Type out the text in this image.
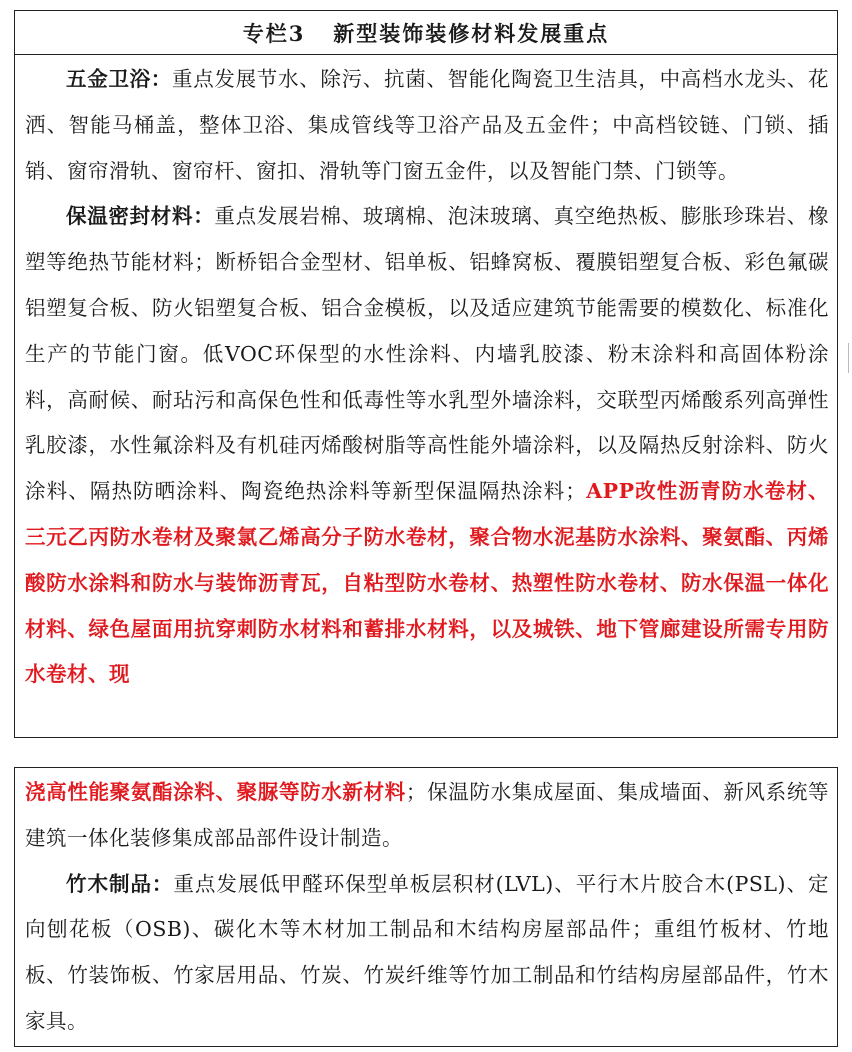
专栏3
新型装饰装修材料发展重点

五金卫浴：重点发展节水、除污、抗菌、智能化陶瓷卫生洁具，中高档水龙头、花洒、智能马桶盖，整体卫浴、集成管线等卫浴产品及五金件；中高档铰链、门锁、插销、窗帘滑轨、窗帘杆、窗扣、滑轨等门窗五金件，以及智能门禁、门锁等。

保温密封材料：重点发展岩棉、玻璃棉、泡沫玻璃、真空绝热板、膨胀珍珠岩、橡塑等绝热节能材料；断桥铝合金型材、铝单板、铝蜂窝板、覆膜铝塑复合板、彩色氟碳铝塑复合板、防火铝塑复合板、铝合金模板，以及适应建筑节能需要的模数化、标准化生产的节能门窗。低VOC环保型的水性涂料、内墙乳胶漆、粉末涂料和高固体粉涂料，高耐候、耐玷污和高保色性和低毒性等水乳型外墙涂料，交联型丙烯酸系列高弹性乳胶漆，水性氟涂料及有机硅丙烯酸树脂等高性能外墙涂料，以及隔热反射涂料、防火涂料、隔热防晒涂料、陶瓷绝热涂料等新型保温隔热涂料；APP改性沥青防水卷材、三元乙丙防水卷材及聚氯乙烯高分子防水卷材，聚合物水泥基防水涂料、聚氨酯、丙烯酸防水涂料和防水与装饰沥青瓦，自粘型防水卷材、热塑性防水卷材、防水保温一体化材料、绿色屋面用抗穿刺防水材料和蓄排水材料，以及城铁、地下管廊建设所需专用防水卷材、现

浇高性能聚氨酯涂料、聚脲等防水新材料；保温防水集成屋面、集成墙面、新风系统等建筑一体化装修集成部品部件设计制造。

竹木制品：重点发展低甲醛环保型单板层积材(LVL)、平行木片胶合木(PSL)、定向刨花板（OSB)、碳化木等木材加工制品和木结构房屋部品件；重组竹板材、竹地板、竹装饰板、竹家居用品、竹炭、竹炭纤维等竹加工制品和竹结构房屋部品件，竹木家具。
